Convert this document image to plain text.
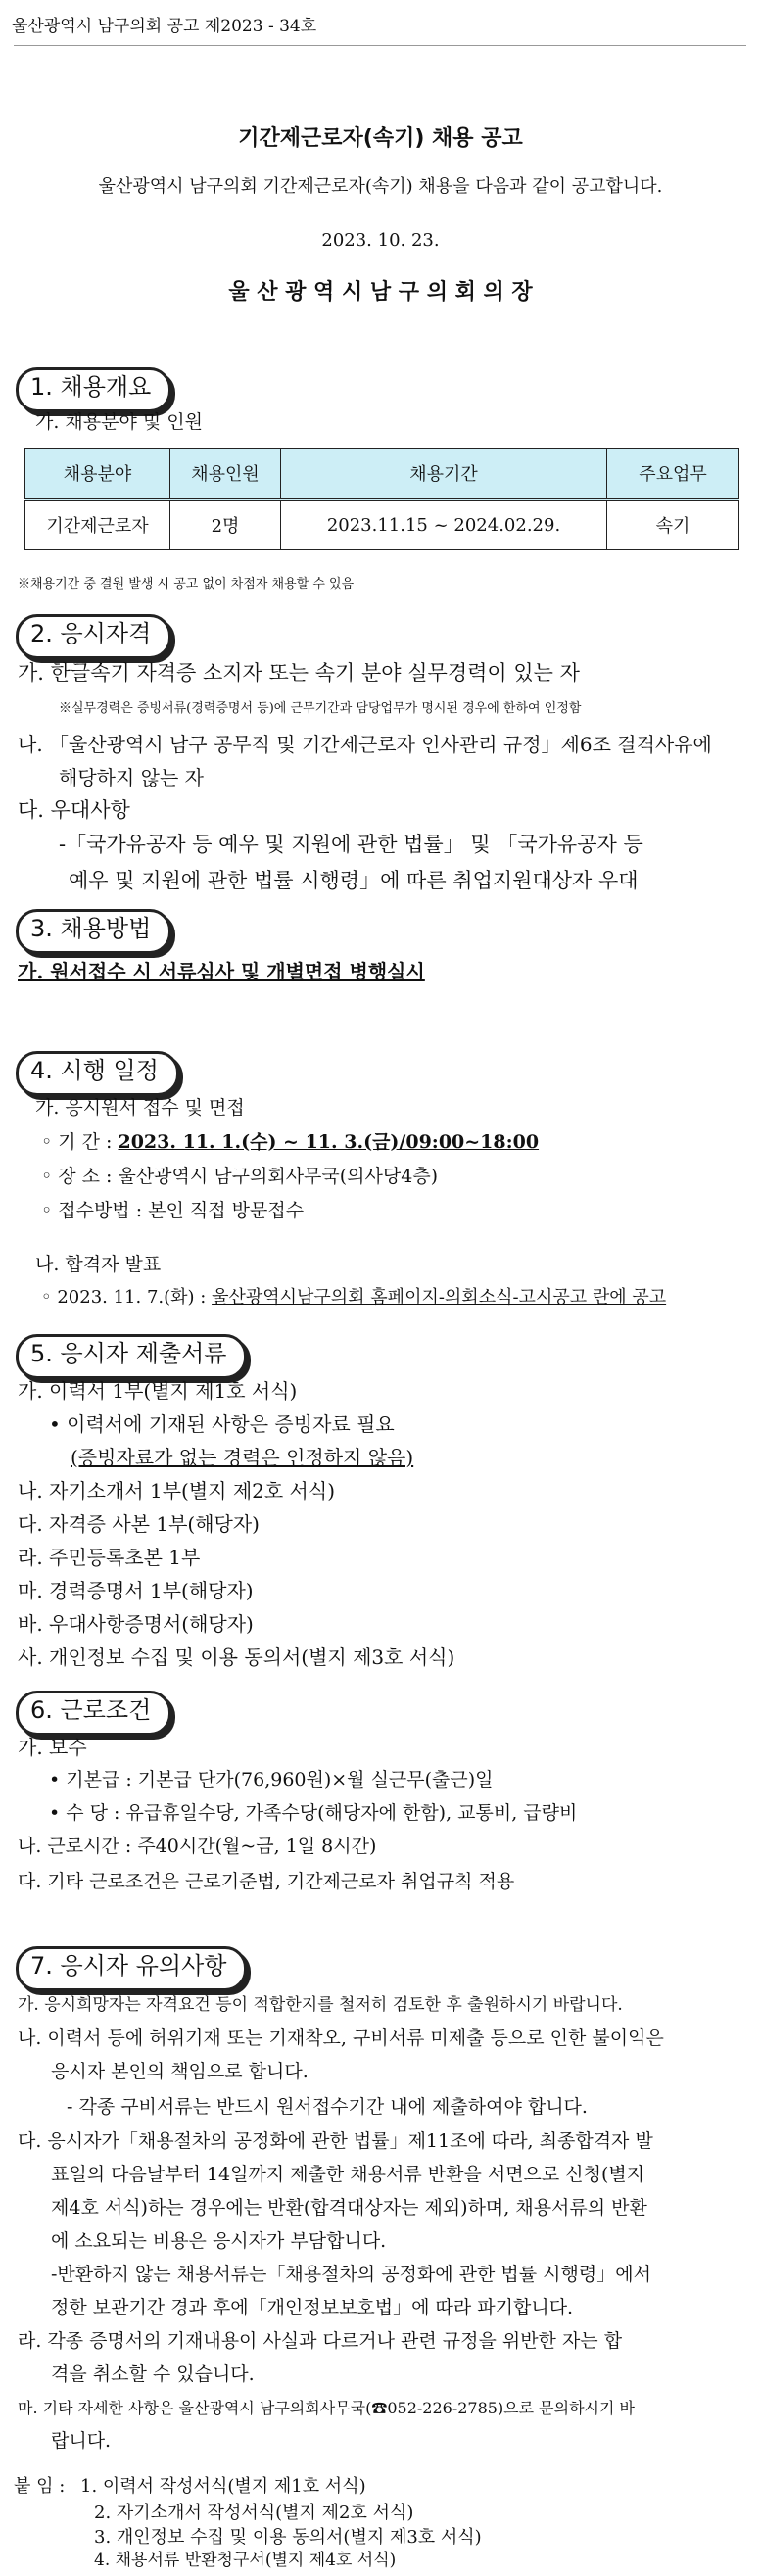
울산광역시 남구의회 공고 제2023 - 34호
기간제근로자(속기) 채용 공고
울산광역시 남구의회 기간제근로자(속기) 채용을 다음과 같이 공고합니다.
2023. 10. 23.
울 산 광 역 시 남 구 의 회 의 장
1. 채용개요
가. 채용분야 및 인원
채용분야	채용인원	채용기간	주요업무
기간제근로자	2명	2023.11.15 ~ 2024.02.29.	속기
※채용기간 중 결원 발생 시 공고 없이 차점자 채용할 수 있음
2. 응시자격
가. 한글속기 자격증 소지자 또는 속기 분야 실무경력이 있는 자
※실무경력은 증빙서류(경력증명서 등)에 근무기간과 담당업무가 명시된 경우에 한하여 인정함
나. 「울산광역시 남구 공무직 및 기간제근로자 인사관리 규정」제6조 결격사유에
해당하지 않는 자
다. 우대사항
-「국가유공자 등 예우 및 지원에 관한 법률」 및 「국가유공자 등
예우 및 지원에 관한 법률 시행령」에 따른 취업지원대상자 우대
3. 채용방법
가. 원서접수 시 서류심사 및 개별면접 병행실시
4. 시행 일정
가. 응시원서 접수 및 면접
◦ 기 간 : 2023. 11. 1.(수) ~ 11. 3.(금)/09:00~18:00
◦ 장 소 : 울산광역시 남구의회사무국(의사당4층)
◦ 접수방법 : 본인 직접 방문접수
나. 합격자 발표
◦ 2023. 11. 7.(화) : 울산광역시남구의회 홈페이지-의회소식-고시공고 란에 공고
5. 응시자 제출서류
가. 이력서 1부(별지 제1호 서식)
• 이력서에 기재된 사항은 증빙자료 필요
(증빙자료가 없는 경력은 인정하지 않음)
나. 자기소개서 1부(별지 제2호 서식)
다. 자격증 사본 1부(해당자)
라. 주민등록초본 1부
마. 경력증명서 1부(해당자)
바. 우대사항증명서(해당자)
사. 개인정보 수집 및 이용 동의서(별지 제3호 서식)
6. 근로조건
가. 보수
• 기본급 : 기본급 단가(76,960원)×월 실근무(출근)일
• 수 당 : 유급휴일수당, 가족수당(해당자에 한함), 교통비, 급량비
나. 근로시간 : 주40시간(월~금, 1일 8시간)
다. 기타 근로조건은 근로기준법, 기간제근로자 취업규칙 적용
7. 응시자 유의사항
가. 응시희망자는 자격요건 등이 적합한지를 철저히 검토한 후 출원하시기 바랍니다.
나. 이력서 등에 허위기재 또는 기재착오, 구비서류 미제출 등으로 인한 불이익은
응시자 본인의 책임으로 합니다.
- 각종 구비서류는 반드시 원서접수기간 내에 제출하여야 합니다.
다. 응시자가「채용절차의 공정화에 관한 법률」제11조에 따라, 최종합격자 발
표일의 다음날부터 14일까지 제출한 채용서류 반환을 서면으로 신청(별지
제4호 서식)하는 경우에는 반환(합격대상자는 제외)하며, 채용서류의 반환
에 소요되는 비용은 응시자가 부담합니다.
-반환하지 않는 채용서류는「채용절차의 공정화에 관한 법률 시행령」에서
정한 보관기간 경과 후에「개인정보보호법」에 따라 파기합니다.
라. 각종 증명서의 기재내용이 사실과 다르거나 관련 규정을 위반한 자는 합
격을 취소할 수 있습니다.
마. 기타 자세한 사항은 울산광역시 남구의회사무국(☎052-226-2785)으로 문의하시기 바
랍니다.
붙 임 : 1. 이력서 작성서식(별지 제1호 서식)
2. 자기소개서 작성서식(별지 제2호 서식)
3. 개인정보 수집 및 이용 동의서(별지 제3호 서식)
4. 채용서류 반환청구서(별지 제4호 서식)
